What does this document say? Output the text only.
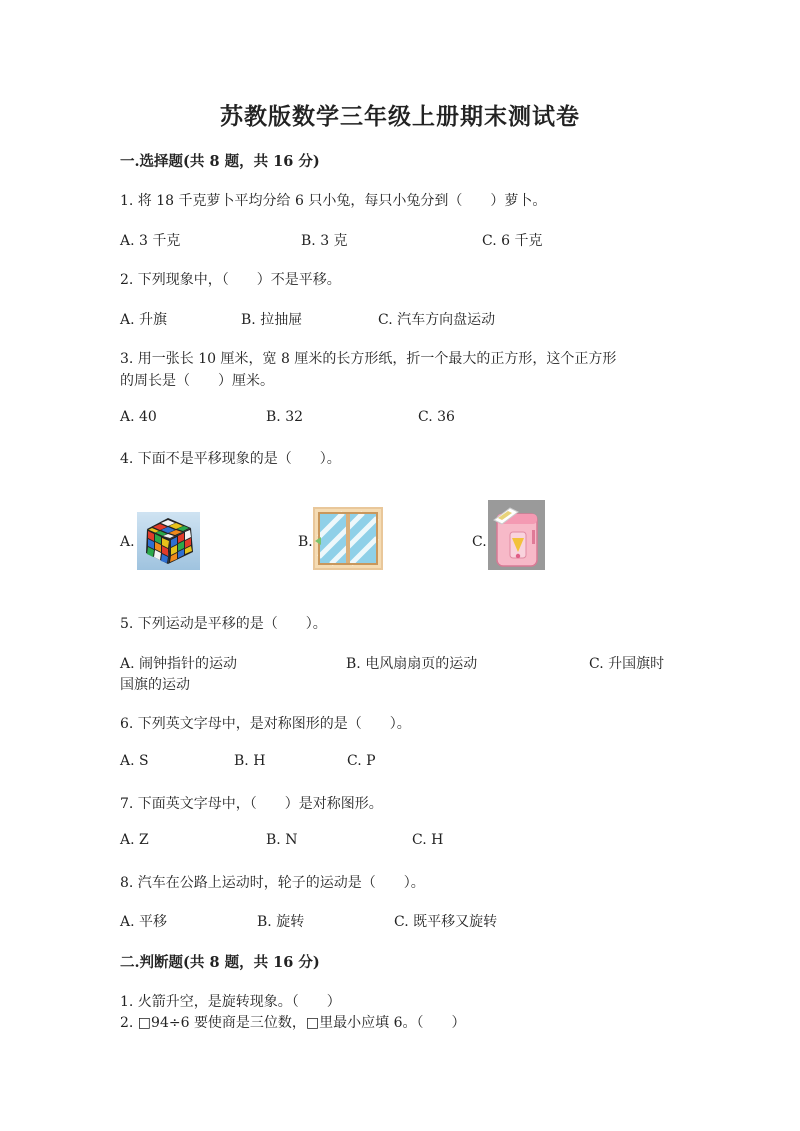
苏教版数学三年级上册期末测试卷
一.选择题(共 8 题，共 16 分)
1. 将 18 千克萝卜平均分给 6 只小兔，每只小兔分到（　　）萝卜。
A. 3 千克	B. 3 克	C. 6 千克
2. 下列现象中，（　　）不是平移。
A. 升旗	B. 拉抽屉	C. 汽车方向盘运动
3. 用一张长 10 厘米，宽 8 厘米的长方形纸，折一个最大的正方形，这个正方形
的周长是（　　）厘米。
A. 40	B. 32	C. 36
4. 下面不是平移现象的是（　　）。
A.	B.	C.
5. 下列运动是平移的是（　　）。
A. 闹钟指针的运动	B. 电风扇扇页的运动	C. 升国旗时
国旗的运动
6. 下列英文字母中，是对称图形的是（　　）。
A. S	B. H	C. P
7. 下面英文字母中，（　　）是对称图形。
A. Z	B. N	C. H
8. 汽车在公路上运动时，轮子的运动是（　　）。
A. 平移	B. 旋转	C. 既平移又旋转
二.判断题(共 8 题，共 16 分)
1. 火箭升空，是旋转现象。（　　）
2. □94÷6 要使商是三位数，□里最小应填 6。（　　）
